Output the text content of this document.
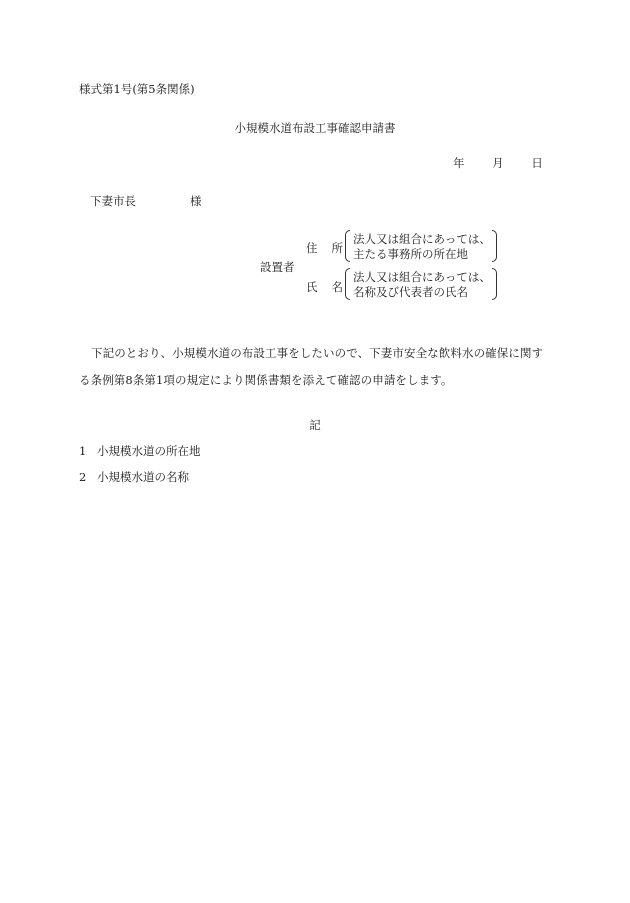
様式第1号(第5条関係)
小規模水道布設工事確認申請書
年 月 日
下妻市長	様
設置者
住 所
法人又は組合にあっては、
主たる事務所の所在地
氏 名
法人又は組合にあっては、
名称及び代表者の氏名
下記のとおり、小規模水道の布設工事をしたいので、下妻市安全な飲料水の確保に関する条例第8条第1項の規定により関係書類を添えて確認の申請をします。
記
1 小規模水道の所在地
2 小規模水道の名称
